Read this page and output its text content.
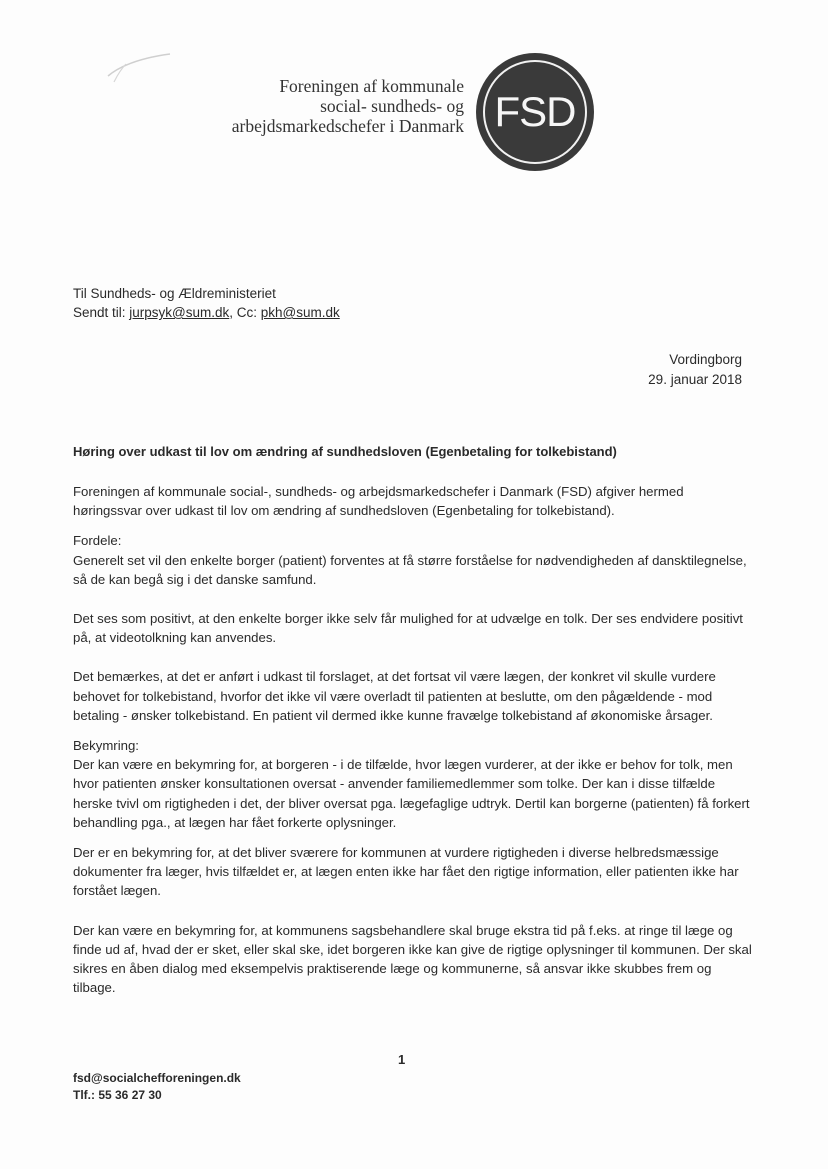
Foreningen af kommunale
social- sundheds- og
arbejdsmarkedschefer i Danmark FSD
Til Sundheds- og Ældreministeriet
Sendt til: jurpsyk@sum.dk, Cc: pkh@sum.dk
Vordingborg
29. januar 2018
Høring over udkast til lov om ændring af sundhedsloven (Egenbetaling for tolkebistand)

Foreningen af kommunale social-, sundheds- og arbejdsmarkedschefer i Danmark (FSD) afgiver hermed høringssvar over udkast til lov om ændring af sundhedsloven (Egenbetaling for tolkebistand).

Fordele:

Generelt set vil den enkelte borger (patient) forventes at få større forståelse for nødvendigheden af dansktilegnelse, så de kan begå sig i det danske samfund.

Det ses som positivt, at den enkelte borger ikke selv får mulighed for at udvælge en tolk. Der ses endvidere positivt på, at videotolkning kan anvendes.

Det bemærkes, at det er anført i udkast til forslaget, at det fortsat vil være lægen, der konkret vil skulle vurdere behovet for tolkebistand, hvorfor det ikke vil være overladt til patienten at beslutte, om den pågældende - mod betaling - ønsker tolkebistand. En patient vil dermed ikke kunne fravælge tolkebistand af økonomiske årsager.

Bekymring:

Der kan være en bekymring for, at borgeren - i de tilfælde, hvor lægen vurderer, at der ikke er behov for tolk, men hvor patienten ønsker konsultationen oversat - anvender familiemedlemmer som tolke. Der kan i disse tilfælde herske tvivl om rigtigheden i det, der bliver oversat pga. lægefaglige udtryk. Dertil kan borgerne (patienten) få forkert behandling pga., at lægen har fået forkerte oplysninger.

Der er en bekymring for, at det bliver sværere for kommunen at vurdere rigtigheden i diverse helbredsmæssige dokumenter fra læger, hvis tilfældet er, at lægen enten ikke har fået den rigtige information, eller patienten ikke har forstået lægen.

Der kan være en bekymring for, at kommunens sagsbehandlere skal bruge ekstra tid på f.eks. at ringe til læge og finde ud af, hvad der er sket, eller skal ske, idet borgeren ikke kan give de rigtige oplysninger til kommunen. Der skal sikres en åben dialog med eksempelvis praktiserende læge og kommunerne, så ansvar ikke skubbes frem og tilbage.

1
fsd@socialchefforeningen.dk
Tlf.: 55 36 27 30
